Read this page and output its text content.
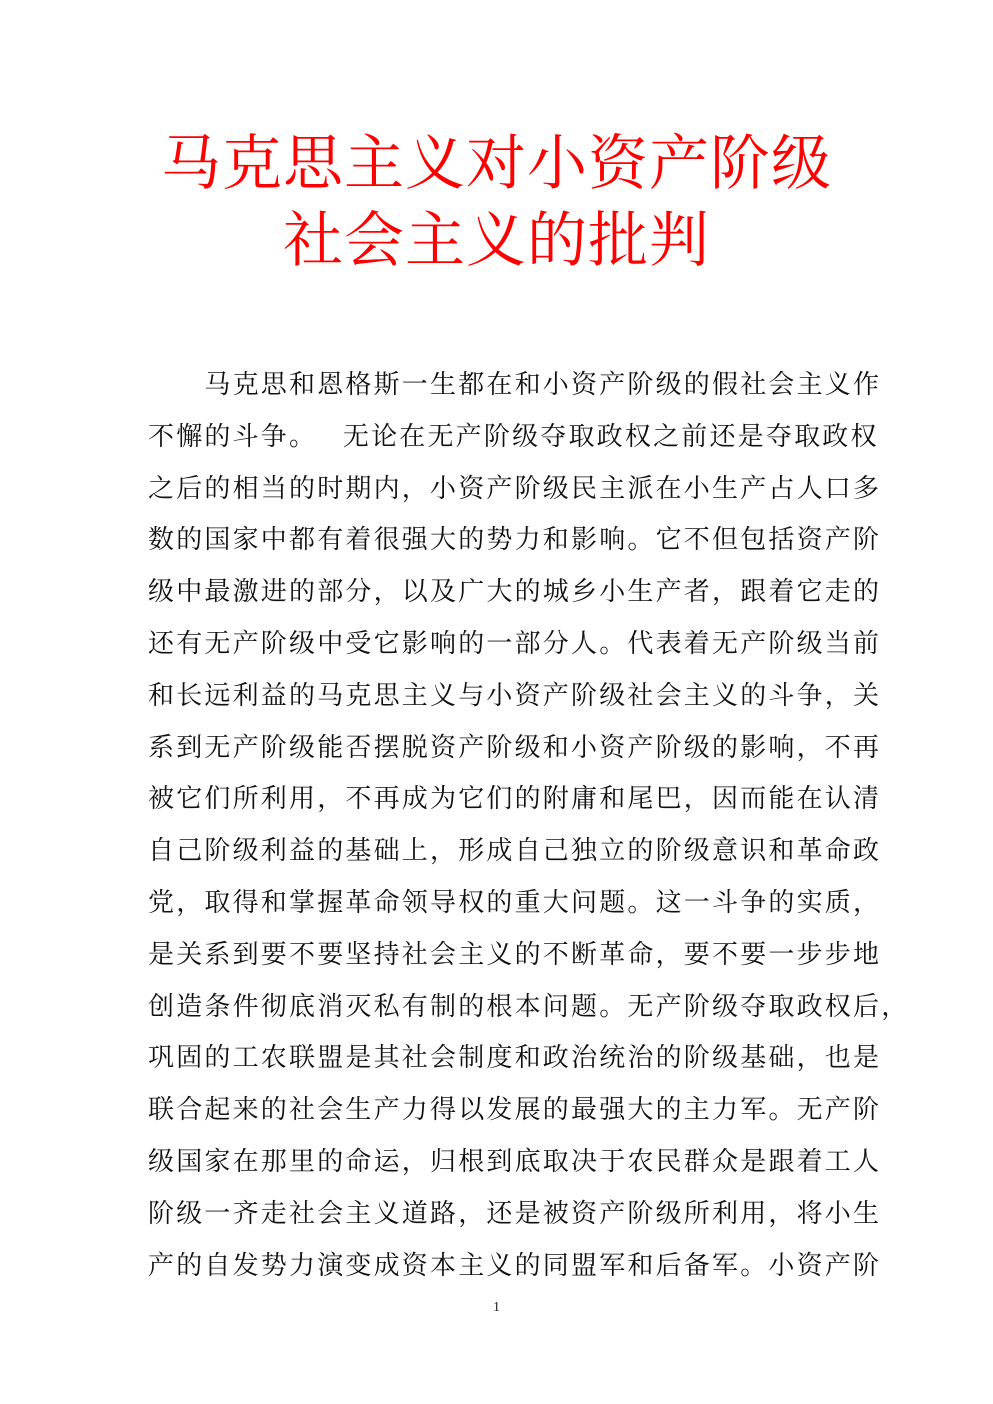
马克思主义对小资产阶级
社会主义的批判
　　马克思和恩格斯一生都在和小资产阶级的假社会主义作
不懈的斗争。　 无论在无产阶级夺取政权之前还是夺取政权
之后的相当的时期内，小资产阶级民主派在小生产占人口多
数的国家中都有着很强大的势力和影响。它不但包括资产阶
级中最激进的部分，以及广大的城乡小生产者，跟着它走的
还有无产阶级中受它影响的一部分人。代表着无产阶级当前
和长远利益的马克思主义与小资产阶级社会主义的斗争，关
系到无产阶级能否摆脱资产阶级和小资产阶级的影响，不再
被它们所利用，不再成为它们的附庸和尾巴，因而能在认清
自己阶级利益的基础上，形成自己独立的阶级意识和革命政
党，取得和掌握革命领导权的重大问题。这一斗争的实质，
是关系到要不要坚持社会主义的不断革命，要不要一步步地
创造条件彻底消灭私有制的根本问题。无产阶级夺取政权后，
巩固的工农联盟是其社会制度和政治统治的阶级基础，也是
联合起来的社会生产力得以发展的最强大的主力军。无产阶
级国家在那里的命运，归根到底取决于农民群众是跟着工人
阶级一齐走社会主义道路，还是被资产阶级所利用，将小生
产的自发势力演变成资本主义的同盟军和后备军。小资产阶
1
